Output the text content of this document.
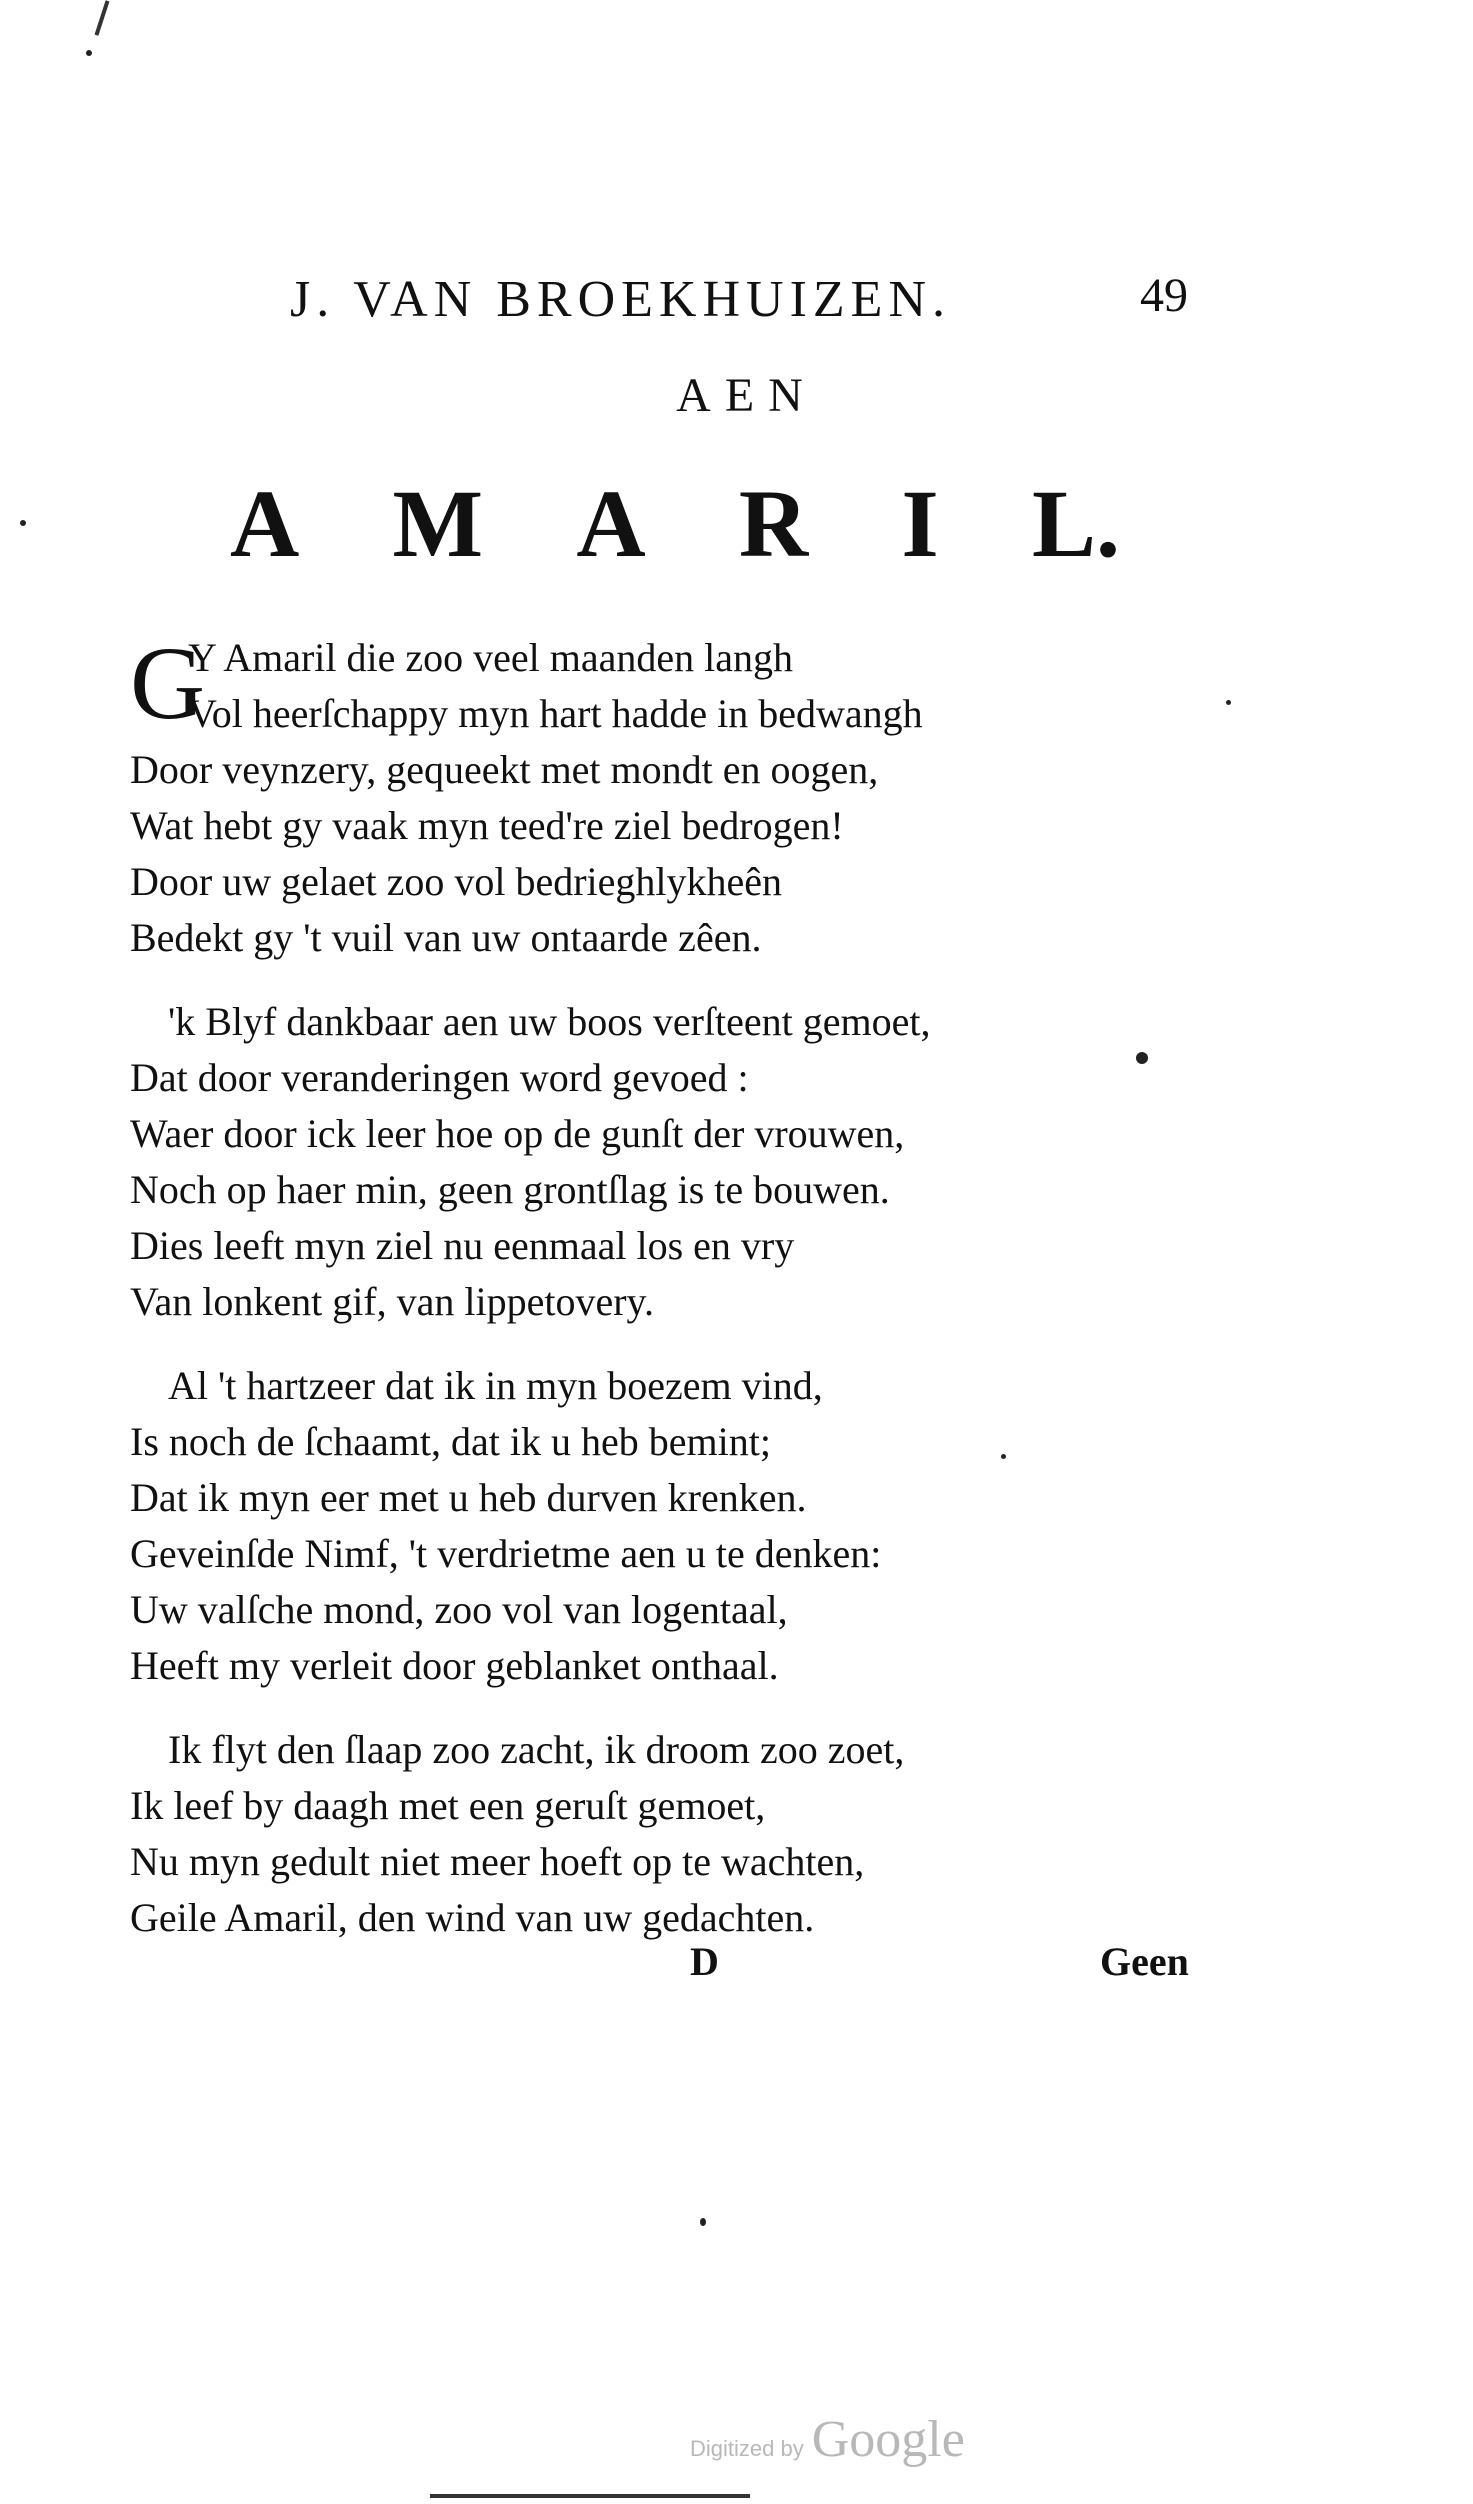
J. VAN BROEKHUIZEN.	49
AEN
A M A R I L.
G
Y Amaril die zoo veel maanden langh
Vol heerſchappy myn hart hadde in bedwangh
Door veynzery, gequeekt met mondt en oogen,
Wat hebt gy vaak myn teed're ziel bedrogen!
Door uw gelaet zoo vol bedrieghlykheên
Bedekt gy 't vuil van uw ontaarde zêen.
'k Blyf dankbaar aen uw boos verſteent gemoet,
Dat door veranderingen word gevoed :
Waer door ick leer hoe op de gunſt der vrouwen,
Noch op haer min, geen grontſlag is te bouwen.
Dies leeft myn ziel nu eenmaal los en vry
Van lonkent gif, van lippetovery.
Al 't hartzeer dat ik in myn boezem vind,
Is noch de ſchaamt, dat ik u heb bemint;
Dat ik myn eer met u heb durven krenken.
Geveinſde Nimf, 't verdrietme aen u te denken:
Uw valſche mond, zoo vol van logentaal,
Heeft my verleit door geblanket onthaal.
Ik flyt den ſlaap zoo zacht, ik droom zoo zoet,
Ik leef by daagh met een geruſt gemoet,
Nu myn gedult niet meer hoeft op te wachten,
Geile Amaril, den wind van uw gedachten.
D	Geen
Digitized by Google
